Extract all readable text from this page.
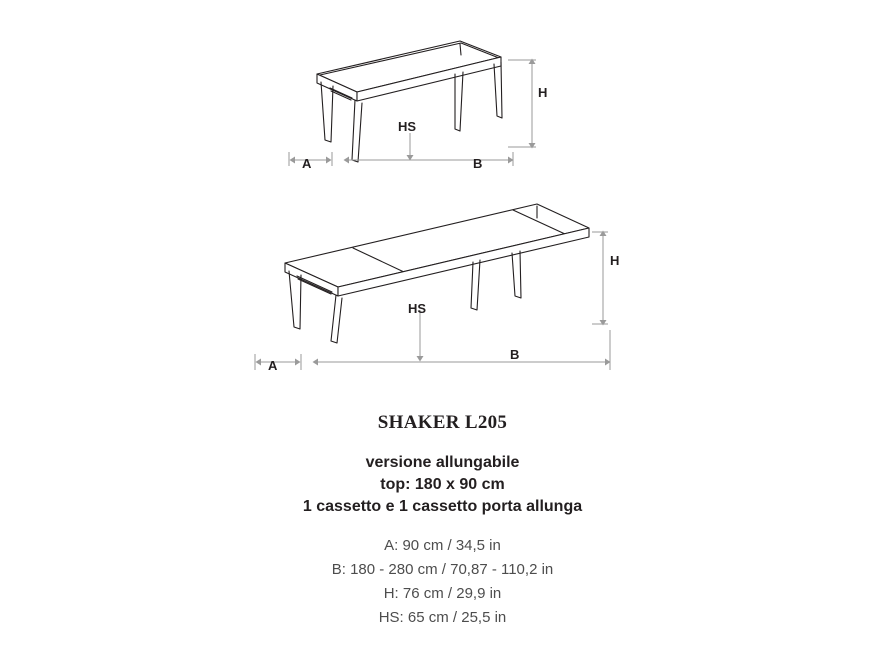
H
A	B
HS
H
A
B
HS
SHAKER L205
versione allungabile
top: 180 x 90 cm
1 cassetto e 1 cassetto porta allunga
A: 90 cm / 34,5 in
B: 180 - 280 cm / 70,87 - 110,2 in
H: 76 cm / 29,9 in
HS: 65 cm / 25,5 in
